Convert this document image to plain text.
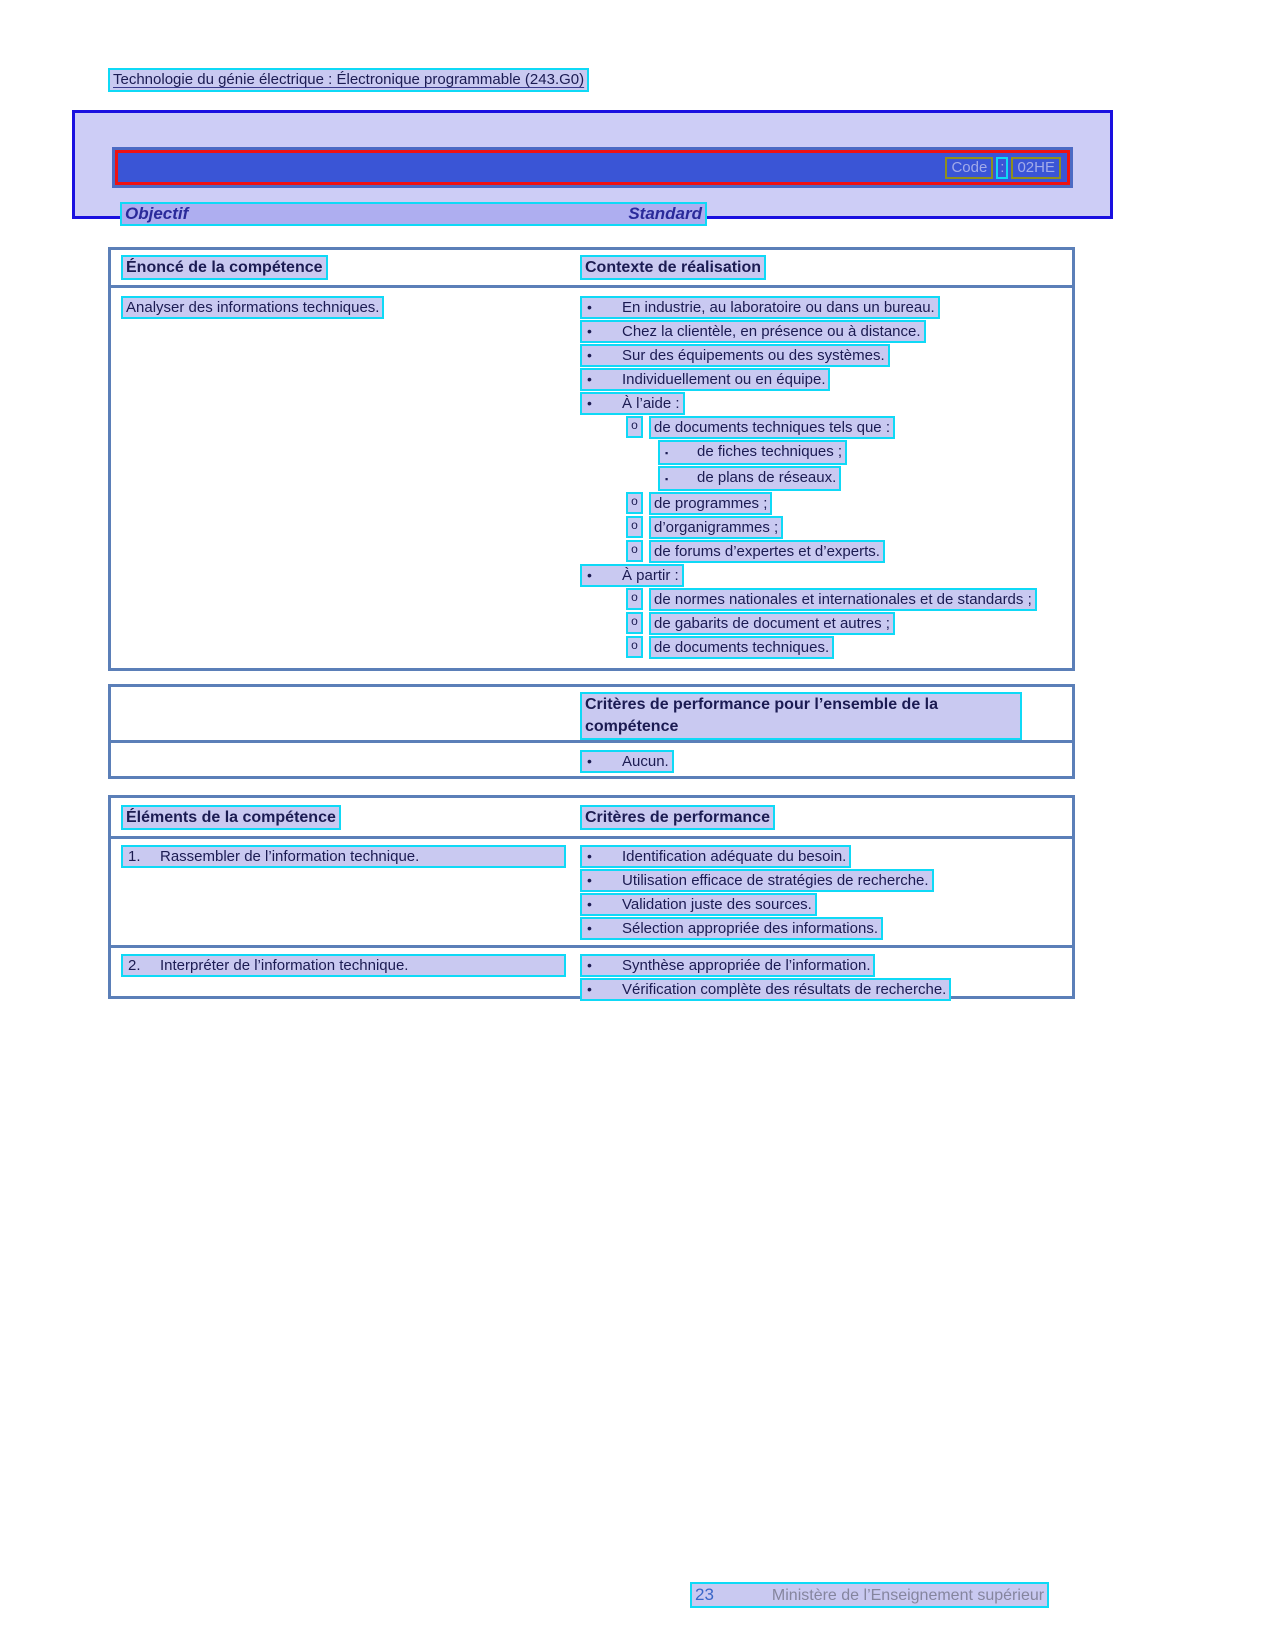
Technologie du génie électrique : Électronique programmable (243.G0)
Code : 02HE
Objectif	Standard
Énoncé de la compétence	Contexte de réalisation
Analyser des informations techniques.	•	En industrie, au laboratoire ou dans un bureau.
•	Chez la clientèle, en présence ou à distance.
•	Sur des équipements ou des systèmes.
•	Individuellement ou en équipe.
•	À l’aide :
o	de documents techniques tels que :
▪	de fiches techniques ;
▪	de plans de réseaux.
o	de programmes ;
o	d’organigrammes ;
o	de forums d’expertes et d’experts.
•	À partir :
o	de normes nationales et internationales et de standards ;
o	de gabarits de document et autres ;
o	de documents techniques.
Critères de performance pour l’ensemble de la compétence
•	Aucun.
Éléments de la compétence	Critères de performance
1.	Rassembler de l’information technique.	•	Identification adéquate du besoin.
•	Utilisation efficace de stratégies de recherche.
•	Validation juste des sources.
•	Sélection appropriée des informations.
2.	Interpréter de l’information technique.	•	Synthèse appropriée de l’information.
•	Vérification complète des résultats de recherche.
23	Ministère de l’Enseignement supérieur
